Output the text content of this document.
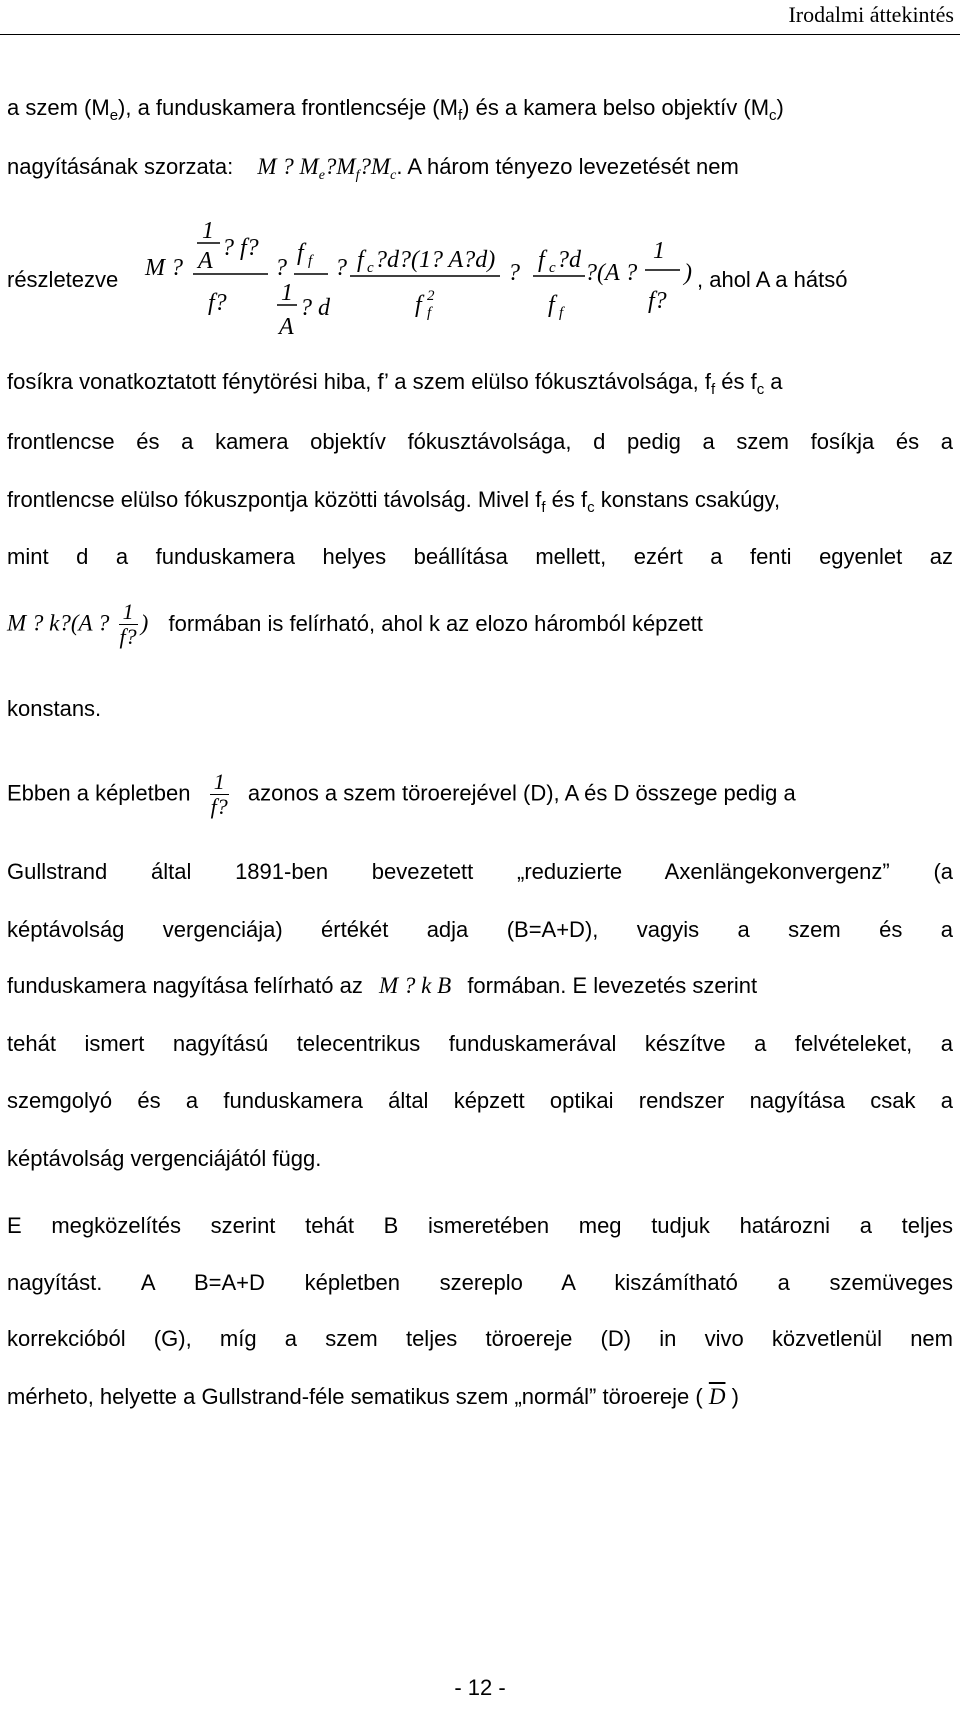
Irodalmi áttekintés
a szem $(M_e)$, a funduskamera frontlencséje $(M_f)$ és a kamera belso objektív $(M_c)$
nagyításának szorzata: M ? $M_e?M_f?M_c$. A három tényezo levezetését nem
részletezve	, ahol A a hátsó
M ?
1
? f?
A
f? 1
A
? d
?
f f ? f c ?d?(1? A?d)
f 2
f
? f c ?d
f f
?(A ?
1
f?
)
fosíkra vonatkoztatott fénytörési hiba, f’ a szem elülso fókusztávolsága, $f_f$ és $f_c$ a
frontlencse és a kamera objektív fókusztávolsága, d pedig a szem fosíkja és a
frontlencse elülso fókuszpontja közötti távolság. Mivel $f_f$ és $f_c$ konstans csakúgy,
mint d a funduskamera helyes beállítása mellett, ezért a fenti egyenlet az
M ? k?(A ? $\frac{1}{f?}$ ) formában is felírható, ahol k az elozo háromból képzett
konstans.
Ebben a képletben $\frac{1}{f?}$ azonos a szem töroerejével (D), A és D összege pedig a
Gullstrand által 1891-ben bevezetett „reduzierte Axenlängekonvergenz” (a
képtávolság vergenciája) értékét adja (B=A+D), vagyis a szem és a
funduskamera nagyítása felírható az M ? k B formában. E levezetés szerint
tehát ismert nagyítású telecentrikus funduskamerával készítve a felvételeket, a
szemgolyó és a funduskamera által képzett optikai rendszer nagyítása csak a
képtávolság vergenciájától függ.
E megközelítés szerint tehát B ismeretében meg tudjuk határozni a teljes
nagyítást. A B=A+D képletben szereplo A kiszámítható a szemüveges
korrekcióból (G), míg a szem teljes töroereje (D) in vivo közvetlenül nem
mérheto, helyette a Gullstrand-féle sematikus szem „normál” töroereje ( $\overline{D}$ )
- 12 -
